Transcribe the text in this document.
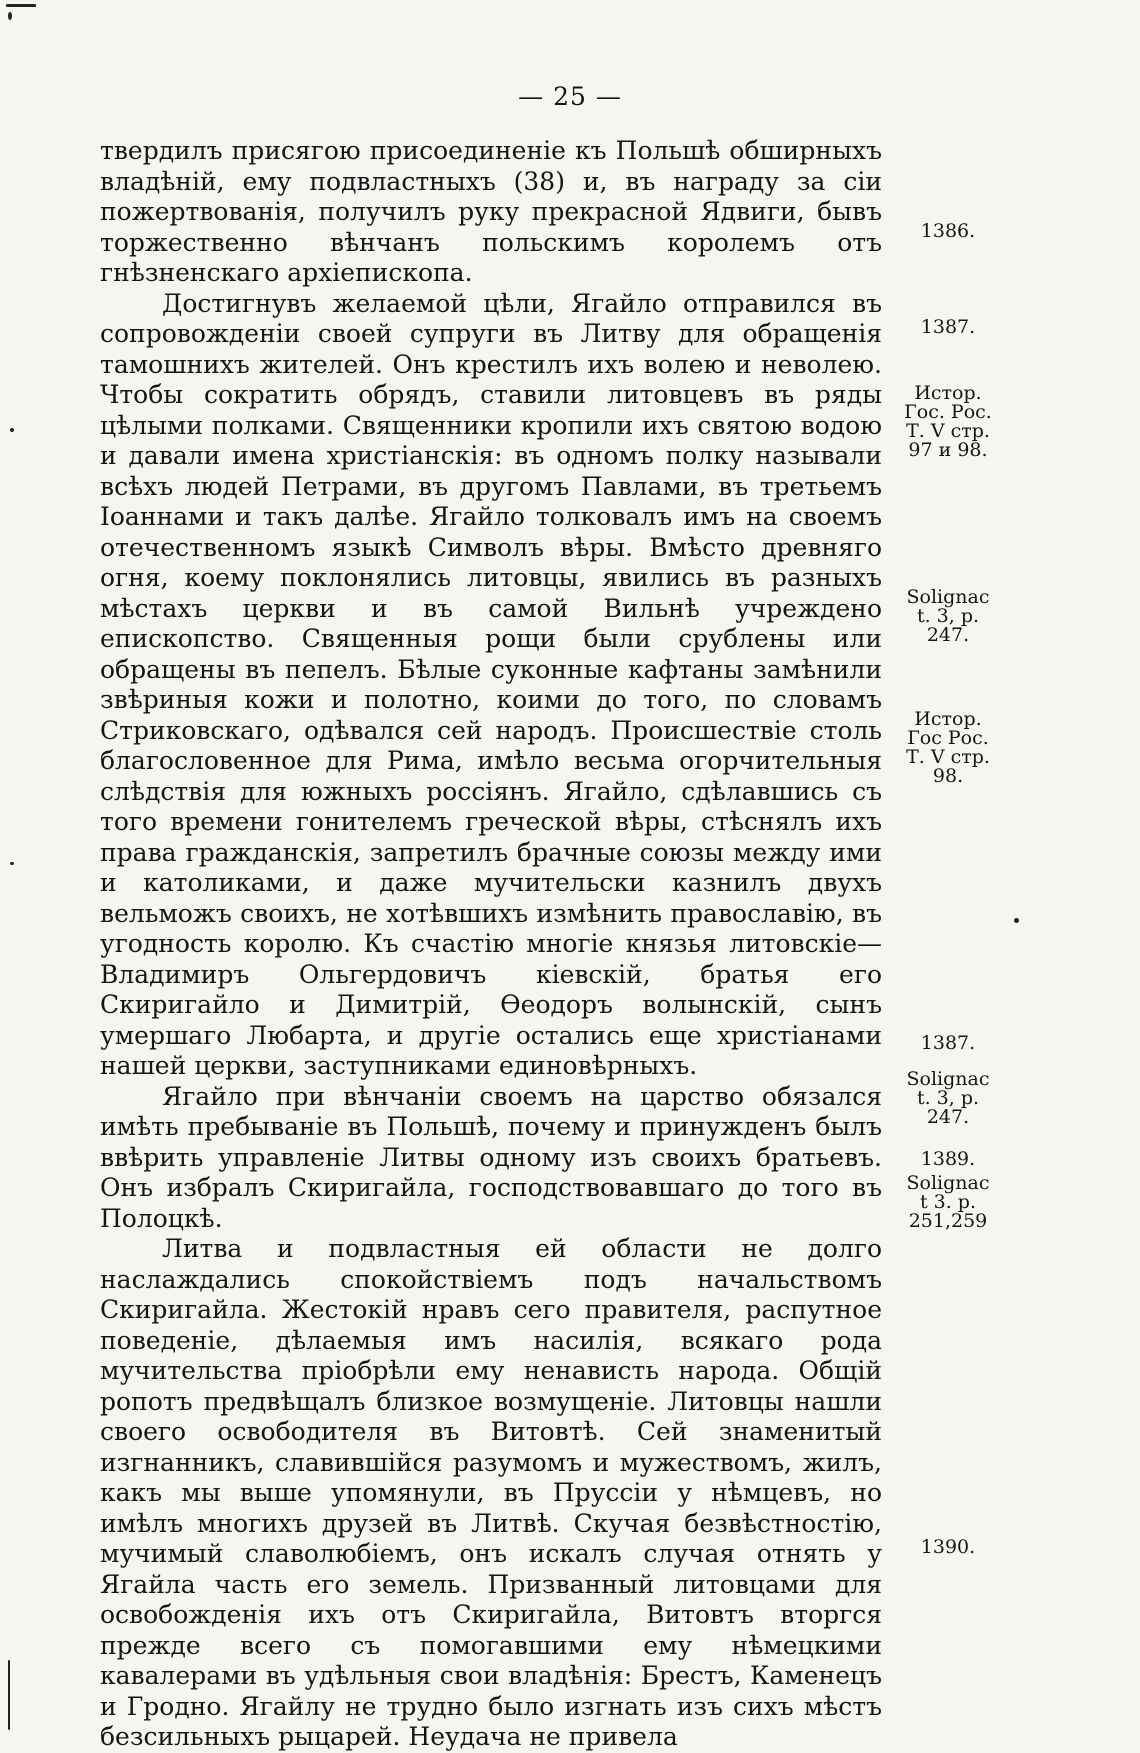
— 25 —

твердилъ присягою присоединеніе къ Польшѣ обширныхъ владѣній, ему подвластныхъ (38) и, въ награду за сіи пожертвованія, получилъ руку прекрасной Ядвиги, бывъ торжественно вѣнчанъ польскимъ королемъ отъ гнѣзненскаго архіепископа.

Достигнувъ желаемой цѣли, Ягайло отправился въ сопровожденіи своей супруги въ Литву для обращенія тамошнихъ жителей. Онъ крестилъ ихъ волею и неволею. Чтобы сократить обрядъ, ставили литовцевъ въ ряды цѣлыми полками. Священники кропили ихъ святою водою и давали имена христіанскія: въ одномъ полку называли всѣхъ людей Петрами, въ другомъ Павлами, въ третьемъ Іоаннами и такъ далѣе. Ягайло толковалъ имъ на своемъ отечественномъ языкѣ Символъ вѣры. Вмѣсто древняго огня, коему поклонялись литовцы, явились въ разныхъ мѣстахъ церкви и въ самой Вильнѣ учреждено епископство. Священныя рощи были срублены или обращены въ пепелъ. Бѣлые суконные кафтаны замѣнили звѣриныя кожи и полотно, коими до того, по словамъ Стриковскаго, одѣвался сей народъ. Происшествіе столь благословенное для Рима, имѣло весьма огорчительныя слѣдствія для южныхъ россіянъ. Ягайло, сдѣлавшись съ того времени гонителемъ греческой вѣры, стѣснялъ ихъ права гражданскія, запретилъ брачные союзы между ими и католиками, и даже мучительски казнилъ двухъ вельможъ своихъ, не хотѣвшихъ измѣнить православію, въ угодность королю. Къ счастію многіе князья литовскіе—Владимиръ Ольгердовичъ кіевскій, братья его Скиригайло и Димитрій, Ѳеодоръ волынскій, сынъ умершаго Любарта, и другіе остались еще христіанами нашей церкви, заступниками единовѣрныхъ.

Ягайло при вѣнчаніи своемъ на царство обязался имѣть пребываніе въ Польшѣ, почему и принужденъ былъ ввѣрить управленіе Литвы одному изъ своихъ братьевъ. Онъ избралъ Скиригайла, господствовавшаго до того въ Полоцкѣ.

Литва и подвластныя ей области не долго наслаждались спокойствіемъ подъ начальствомъ Скиригайла. Жестокій нравъ сего правителя, распутное поведеніе, дѣлаемыя имъ насилія, всякаго рода мучительства пріобрѣли ему ненависть народа. Общій ропотъ предвѣщалъ близкое возмущеніе. Литовцы нашли своего освободителя въ Витовтѣ. Сей знаменитый изгнанникъ, славившійся разумомъ и мужествомъ, жилъ, какъ мы выше упомянули, въ Пруссіи у нѣмцевъ, но имѣлъ многихъ друзей въ Литвѣ. Скучая безвѣстностію, мучимый славолюбіемъ, онъ искалъ случая отнять у Ягайла часть его земель. Призванный литовцами для освобожденія ихъ отъ Скиригайла, Витовтъ вторгся прежде всего съ помогавшими ему нѣмецкими кавалерами въ удѣльныя свои владѣнія: Брестъ, Каменецъ и Гродно. Ягайлу не трудно было изгнать изъ сихъ мѣстъ безсильныхъ рыцарей. Неудача не привела

1386.
1387.
Истор.
Гос. Рос.
Т. V стр.
97 и 98.
Solignac
t. 3, p.
247.
Истор.
Гос Рос.
Т. V стр.
98.
1387.
Solignac
t. 3, p.
247.
1389.
Solignac
t 3. p.
251,259
1390.
